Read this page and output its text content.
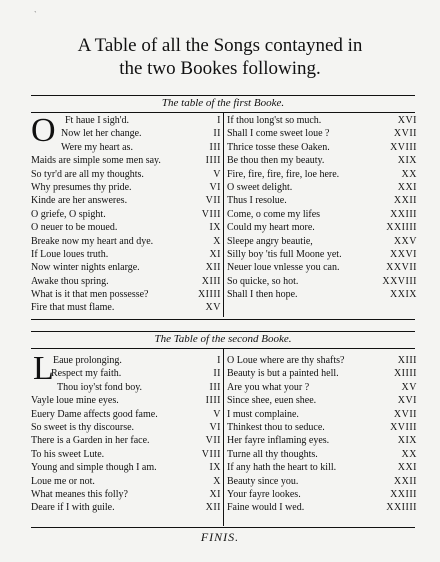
`
A Table of all the Songs contayned in
the two Bookes following.
The table of the first Booke.
O Ft haue I sigh'd.	I
Now let her change.	II
Were my heart as.	III
Maids are simple some men say.	IIII
So tyr'd are all my thoughts.	V
Why presumes thy pride.	VI
Kinde are her answeres.	VII
O griefe, O spight.	VIII
O neuer to be moued.	IX
Breake now my heart and dye.	X
If Loue loues truth.	XI
Now winter nights enlarge.	XII
Awake thou spring.	XIII
What is it that men possesse?	XIIII
Fire that must flame.	XV
If thou long'st so much.	XVI
Shall I come sweet loue ?	XVII
Thrice tosse these Oaken.	XVIII
Be thou then my beauty.	XIX
Fire, fire, fire, fire, loe here.	XX
O sweet delight.	XXI
Thus I resolue.	XXII
Come, o come my lifes	XXIII
Could my heart more.	XXIIII
Sleepe angry beautie,	XXV
Silly boy 'tis full Moone yet.	XXVI
Neuer loue vnlesse you can.	XXVII
So quicke, so hot.	XXVIII
Shall I then hope.	XXIX
The Table of the second Booke.
L Eaue prolonging.	I
Respect my faith.	II
Thou ioy'st fond boy.	III
Vayle loue mine eyes.	IIII
Euery Dame affects good fame.	V
So sweet is thy discourse.	VI
There is a Garden in her face.	VII
To his sweet Lute.	VIII
Young and simple though I am.	IX
Loue me or not.	X
What meanes this folly?	XI
Deare if I with guile.	XII
O Loue where are thy shafts?	XIII
Beauty is but a painted hell.	XIIII
Are you what your ?	XV
Since shee, euen shee.	XVI
I must complaine.	XVII
Thinkest thou to seduce.	XVIII
Her fayre inflaming eyes.	XIX
Turne all thy thoughts.	XX
If any hath the heart to kill.	XXI
Beauty since you.	XXII
Your fayre lookes.	XXIII
Faine would I wed.	XXIIII
FINIS.
